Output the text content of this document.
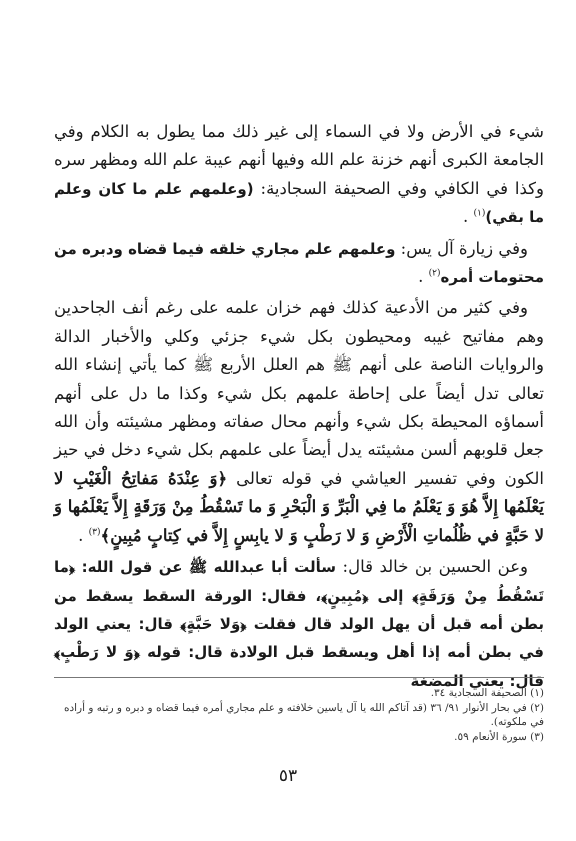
شيء في الأرض ولا في السماء إلى غير ذلك مما يطول به الكلام وفي الجامعة الكبرى أنهم خزنة علم الله وفيها أنهم عيبة علم الله ومظهر سره وكذا في الكافي وفي الصحيفة السجادية: (وعلمهم علم ما كان وعلم ما بقي)$^{(١)}$ .

وفي زيارة آل يس: وعلمهم علم مجاري خلقه فيما قضاه ودبره من محتومات أمره$^{(٢)}$ .

وفي كثير من الأدعية كذلك فهم خزان علمه على رغم أنف الجاحدين وهم مفاتيح غيبه ومحيطون بكل شيء جزئي وكلي والأخبار الدالة والروايات الناصة على أنهم ﷺ هم العلل الأربع ﷺ كما يأتي إنشاء الله تعالى تدل أيضاً على إحاطة علمهم بكل شيء وكذا ما دل على أنهم أسماؤه المحيطة بكل شيء وأنهم محال صفاته ومظهر مشيئته وأن الله جعل قلوبهم ألسن مشيئته يدل أيضاً على علمهم بكل شيء دخل في حيز الكون وفي تفسير العياشي في قوله تعالى ﴿وَ عِنْدَهُ مَفاتِحُ الْغَيْبِ لا يَعْلَمُها إِلاَّ هُوَ وَ يَعْلَمُ ما فِي الْبَرِّ وَ الْبَحْرِ وَ ما تَسْقُطُ مِنْ وَرَقَةٍ إِلاَّ يَعْلَمُها وَ لا حَبَّةٍ في ظُلُماتِ الْأَرْضِ وَ لا رَطْبٍ وَ لا يابِسٍ إِلاَّ في كِتابٍ مُبِينٍ﴾$^{(٣)}$ .

وعن الحسين بن خالد قال: سألت أبا عبدالله ﷺ عن قول الله: ﴿ما تَسْقُطُ مِنْ وَرَقَةٍ﴾ إلى ﴿مُبِينٍ﴾، فقال: الورقة السقط يسقط من بطن أمه قبل أن يهل الولد قال فقلت ﴿وَلا حَبَّةٍ﴾ قال: يعني الولد في بطن أمه إذا أهل ويسقط قبل الولادة قال: قوله ﴿وَ لا رَطْبٍ﴾ قال: يعني المضغة

(١) الصحيفة السجادية ٣٤.

(٢) في بحار الأنوار ٩١/ ٣٦ (قد آتاكم الله يا آل ياسين خلافته و علم مجاري أمره فيما قضاه و دبره و رتبه و أراده في ملكوته).

(٣) سورة الأنعام ٥٩.

٥٣
